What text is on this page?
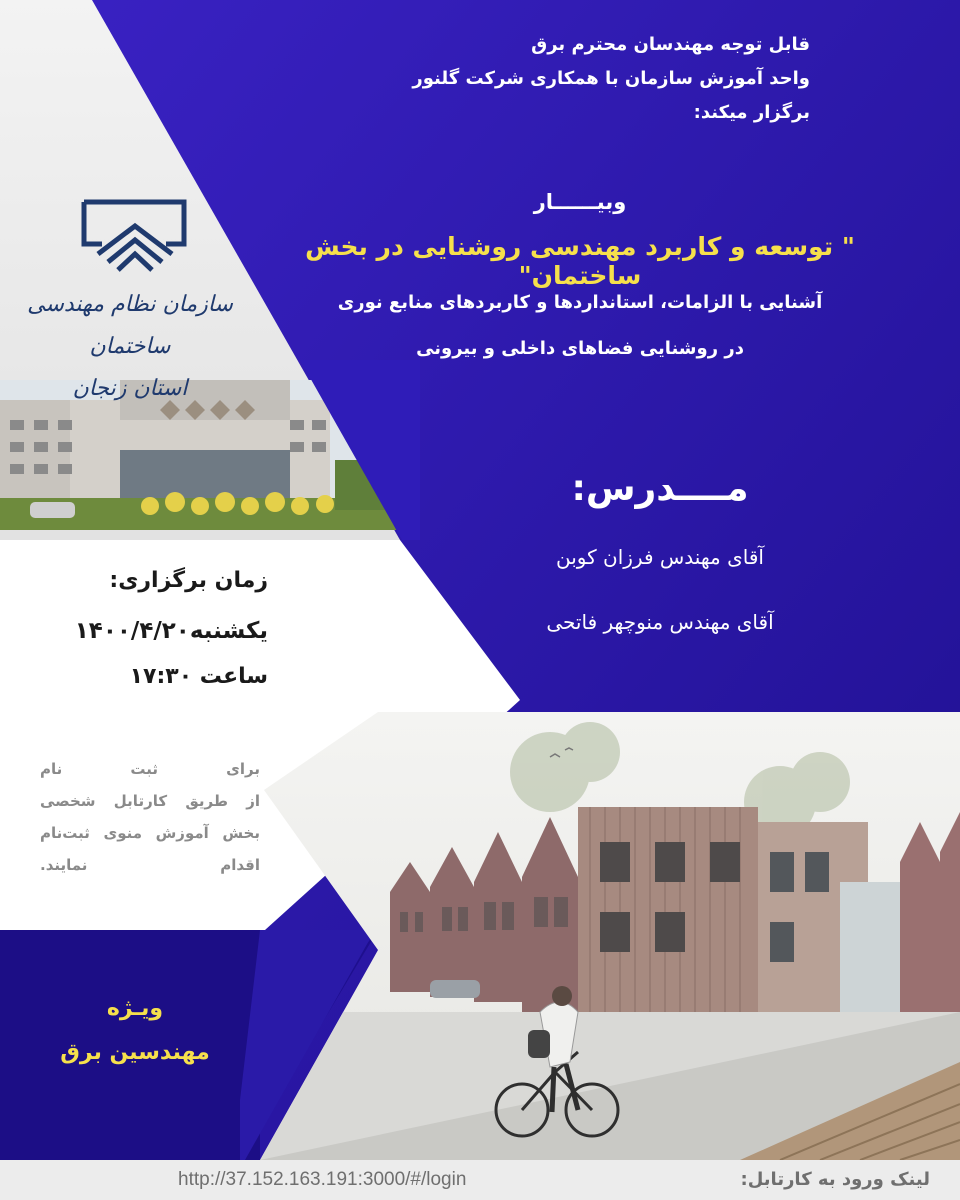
سازمان نظام مهندسی ساختمان
استان زنجان
قابل توجه مهندسان محترم برق
واحد آموزش سازمان با همکاری شرکت گلنور
برگزار میکند:
وبیــــــار
" توسعه و کاربرد مهندسی روشنایی در بخش ساختمان"
آشنایی با الزامات، استانداردها و کاربردهای منابع نوری
در روشنایی فضاهای داخلی و بیرونی
مــــدرس:
آقای مهندس فرزان کوبن
آقای مهندس منوچهر فاتحی
زمان برگزاری:
یکشنبه۱۴۰۰/۴/۲۰
ساعت ۱۷:۳۰
برای ثبت نام
از طریق کارتابل شخصی
بخش آموزش منوی ثبت‌نام
اقدام نمایند.
ویـژه
مهندسین برق
لینک ورود به کارتابل:
http://37.152.163.191:3000/#/login
